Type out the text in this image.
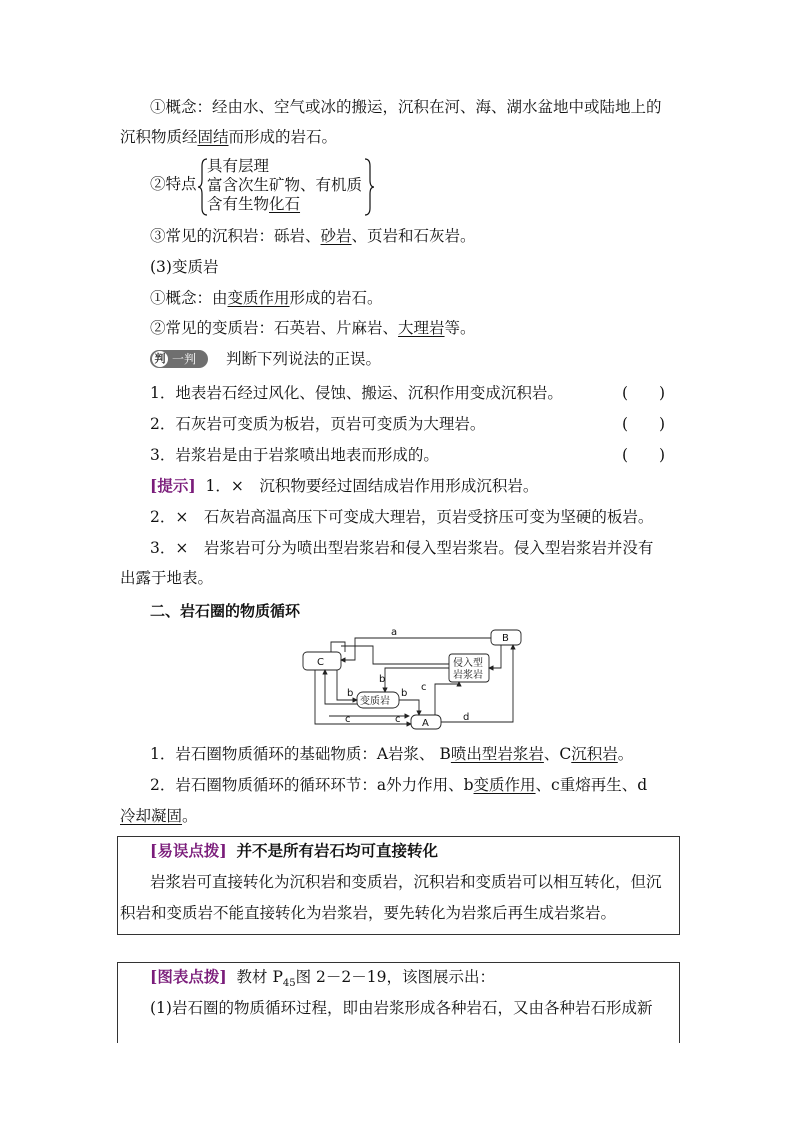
①概念：经由水、空气或冰的搬运，沉积在河、海、湖水盆地中或陆地上的
沉积物质经固结而形成的岩石。
②特点
具有层理
富含次生矿物、有机质
含有生物化石
③常见的沉积岩：砾岩、砂岩、页岩和石灰岩。
(3)变质岩
①概念：由变质作用形成的岩石。
②常见的变质岩：石英岩、片麻岩、大理岩等。
判 一判 判断下列说法的正误。
1．地表岩石经过风化、侵蚀、搬运、沉积作用变成沉积岩。	(　　)
2．石灰岩可变质为板岩，页岩可变质为大理岩。	(　　)
3．岩浆岩是由于岩浆喷出地表而形成的。	(　　)
[提示] 1．×　沉积物要经过固结成岩作用形成沉积岩。
2．×　石灰岩高温高压下可变成大理岩，页岩受挤压可变为坚硬的板岩。
3．×　岩浆岩可分为喷出型岩浆岩和侵入型岩浆岩。侵入型岩浆岩并没有
出露于地表。
二、岩石圈的物质循环
C
B
侵入型
岩浆岩
变质岩
A
a
b
b	b
c
c	c	d
1．岩石圈物质循环的基础物质：A岩浆、 B喷出型岩浆岩、C沉积岩。
2．岩石圈物质循环的循环环节：a外力作用、b变质作用、c重熔再生、d
冷却凝固。
[易误点拨] 并不是所有岩石均可直接转化
岩浆岩可直接转化为沉积岩和变质岩，沉积岩和变质岩可以相互转化，但沉
积岩和变质岩不能直接转化为岩浆岩，要先转化为岩浆后再生成岩浆岩。
[图表点拨] 教材 $P_{45}$图 2－2－19，该图展示出：
(1)岩石圈的物质循环过程，即由岩浆形成各种岩石，又由各种岩石形成新
